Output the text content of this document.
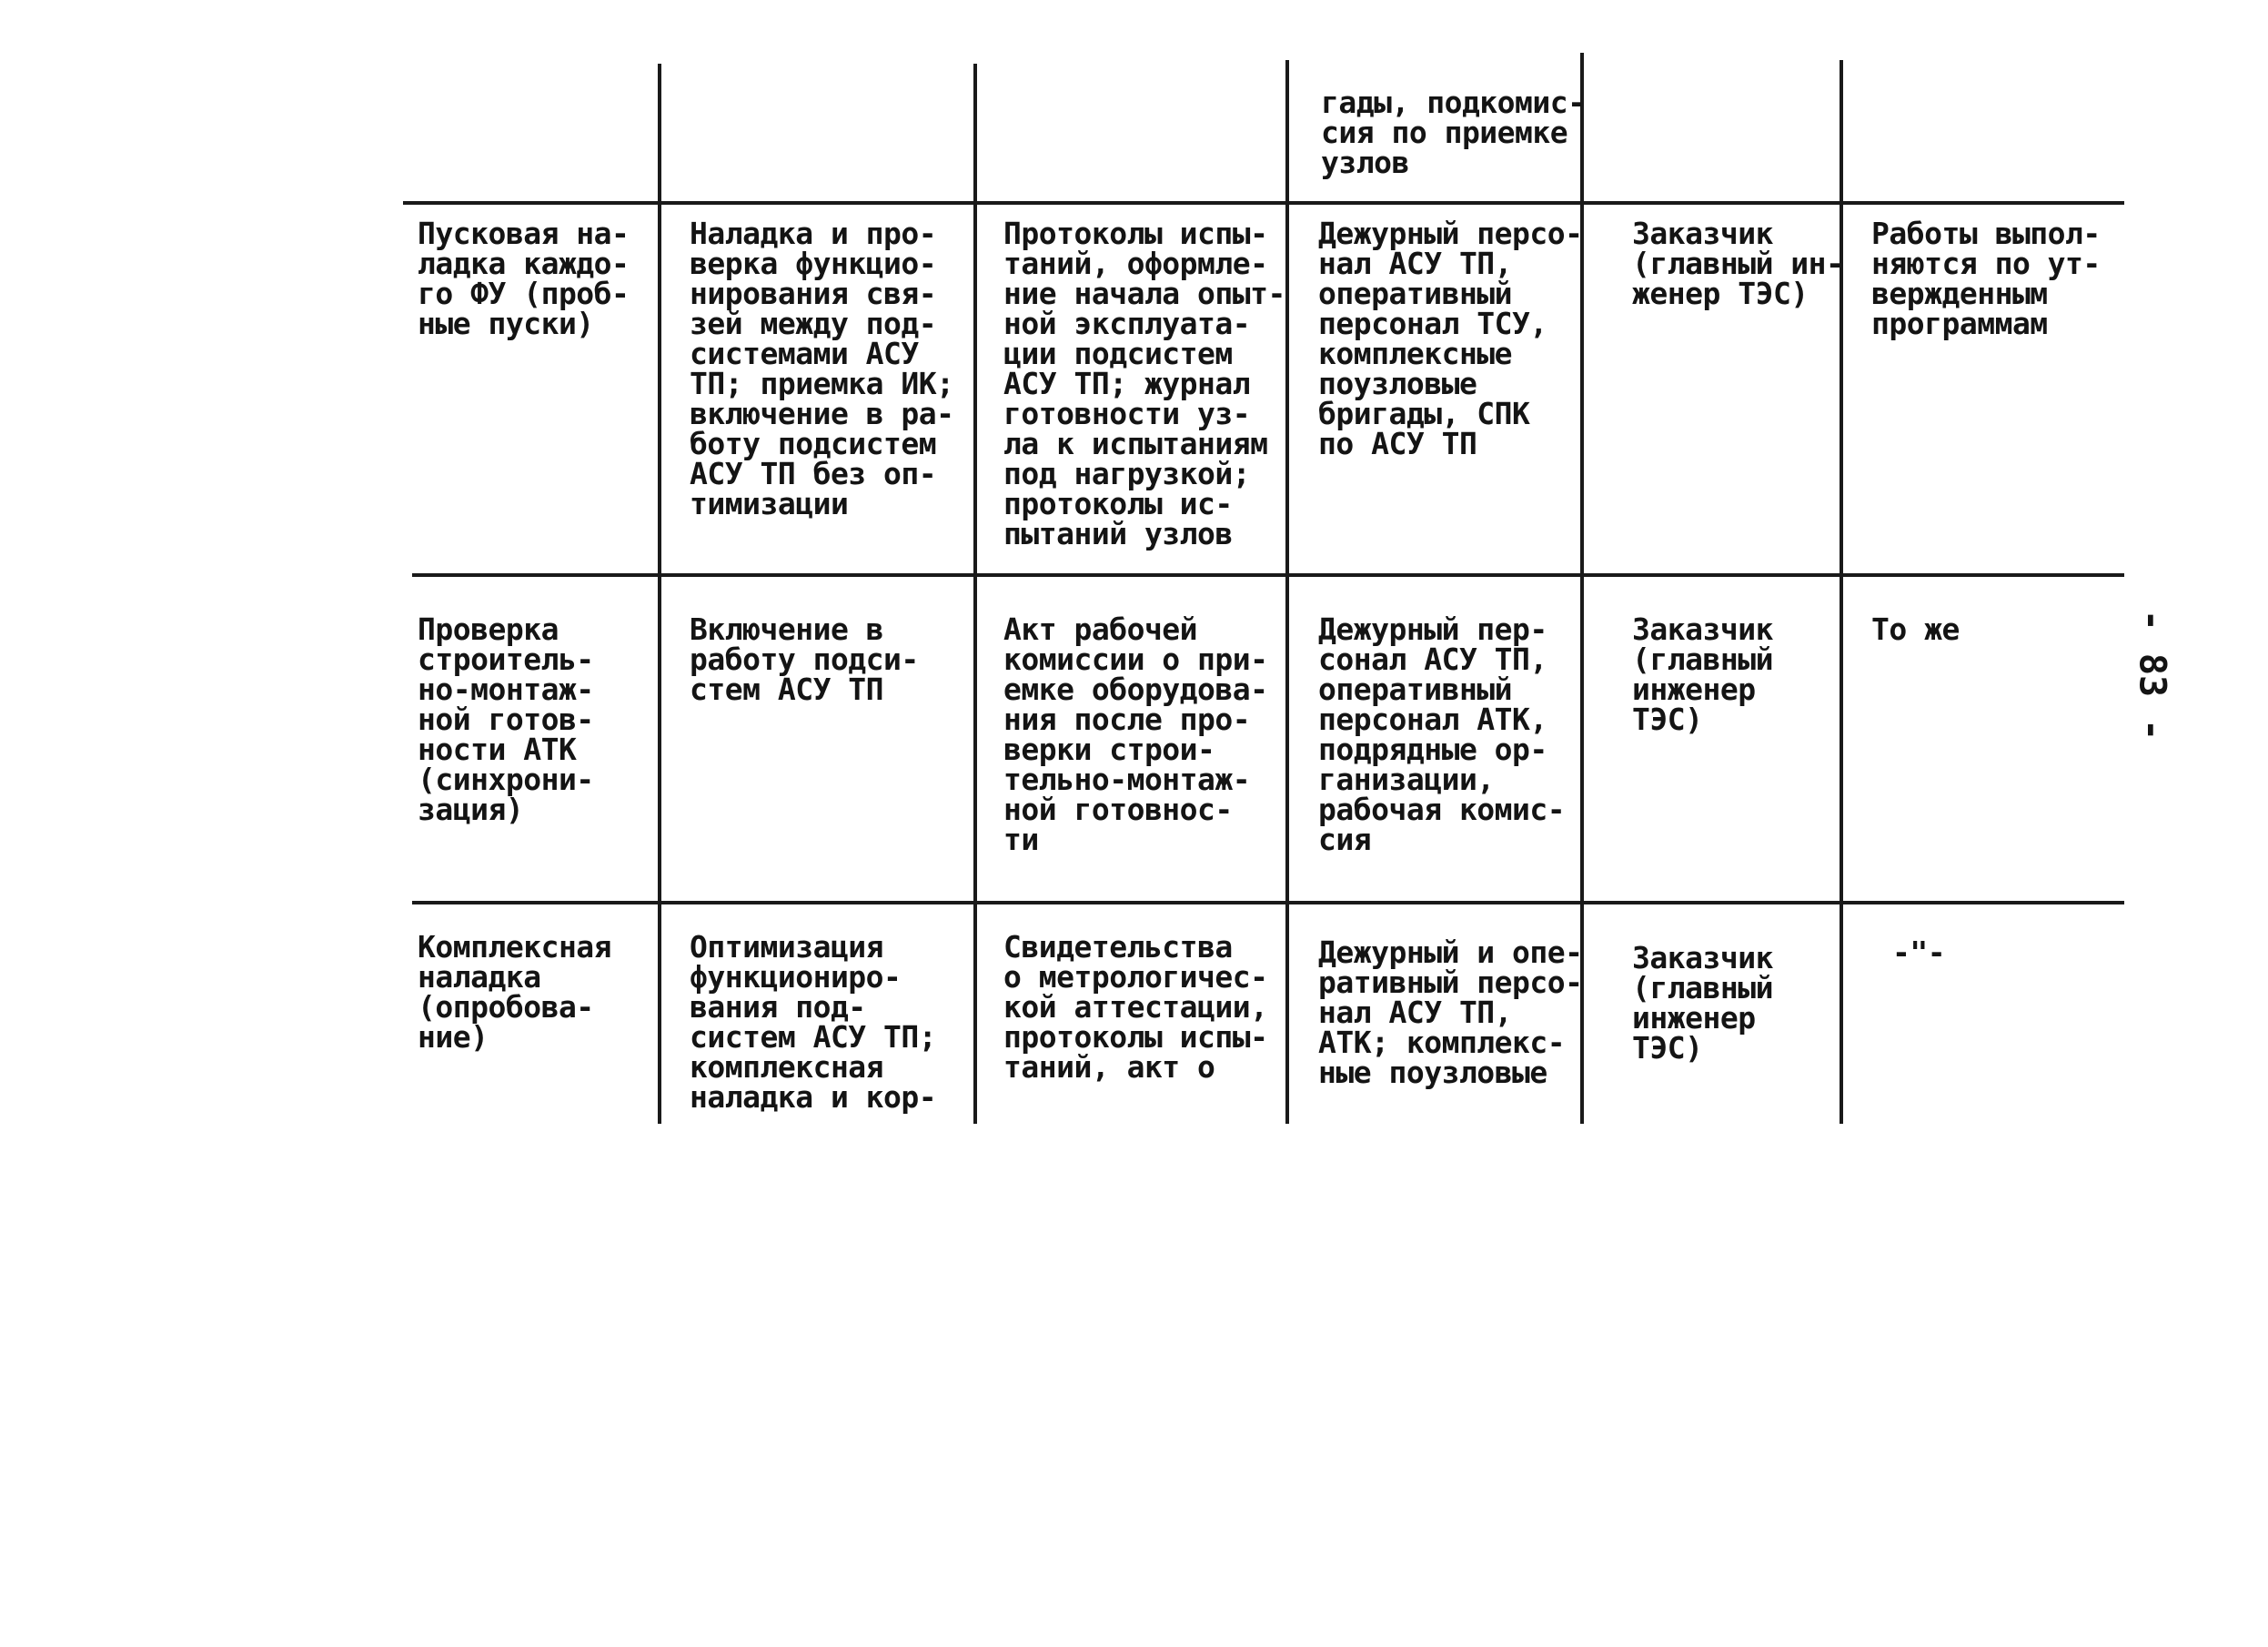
гады, подкомис-
сия по приемке
узлов
Пусковая на-
ладка каждо-
го ФУ (проб-
ные пуски)
Наладка и про-
верка функцио-
нирования свя-
зей между под-
системами АСУ
ТП; приемка ИК;
включение в ра-
боту подсистем
АСУ ТП без оп-
тимизации
Протоколы испы-
таний, оформле-
ние начала опыт-
ной эксплуата-
ции подсистем
АСУ ТП; журнал
готовности уз-
ла к испытаниям
под нагрузкой;
протоколы ис-
пытаний узлов
Дежурный персо-
нал АСУ ТП,
оперативный
персонал ТСУ,
комплексные
поузловые
бригады, СПК
по АСУ ТП
Заказчик
(главный ин-
женер ТЭС)
Работы выпол-
няются по ут-
вержденным
программам
Проверка
строитель-
но-монтаж-
ной готов-
ности АТК
(синхрони-
зация)
Включение в
работу подси-
стем АСУ ТП
Акт рабочей
комиссии о при-
емке оборудова-
ния после про-
верки строи-
тельно-монтаж-
ной готовнос-
ти
Дежурный пер-
сонал АСУ ТП,
оперативный
персонал АТК,
подрядные ор-
ганизации,
рабочая комис-
сия
Заказчик
(главный
инженер
ТЭС)
То же
Комплексная
наладка
(опробова-
ние)
Оптимизация
функциониро-
вания под-
систем АСУ ТП;
комплексная
наладка и кор-
Свидетельства
о метрологичес-
кой аттестации,
протоколы испы-
таний, акт о
Дежурный и опе-
ративный персо-
нал АСУ ТП,
АТК; комплекс-
ные поузловые
Заказчик
(главный
инженер
ТЭС)
-"-
- 83 -
